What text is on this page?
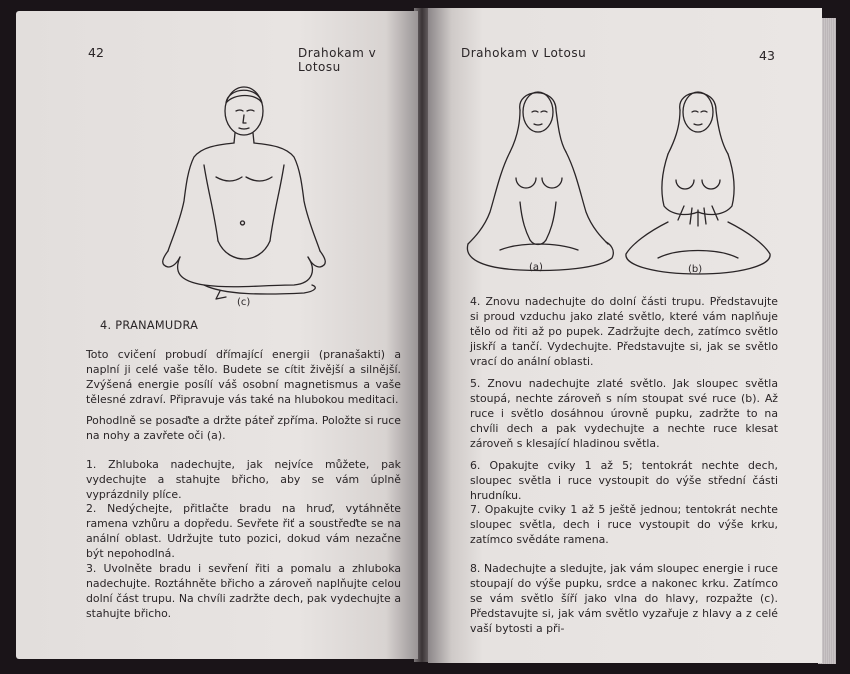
42	Drahokam v Lotosu
(c)

4. PRANAMUDRA

Toto cvičení probudí dřímající energii (pranašakti) a naplní ji celé vaše tělo. Budete se cítit živější a silnější. Zvýšená energie posílí váš osobní magnetismus a vaše tělesné zdraví. Připravuje vás také na hlubokou meditaci.

Pohodlně se posaďte a držte páteř zpříma. Položte si ruce na nohy a zavřete oči (a).

1. Zhluboka nadechujte, jak nejvíce můžete, pak vydechujte a stahujte břicho, aby se vám úplně vyprázdnily plíce.

2. Nedýchejte, přitlačte bradu na hruď, vytáhněte ramena vzhůru a dopředu. Sevřete řiť a soustřeďte se na anální oblast. Udržujte tuto pozici, dokud vám nezačne být nepohodlná.

3. Uvolněte bradu i sevření řiti a pomalu a zhluboka nadechujte. Roztáhněte břicho a zároveň naplňujte celou dolní část trupu. Na chvíli zadržte dech, pak vydechujte a stahujte břicho.

Drahokam v Lotosu	43
(a)	(b)

4. Znovu nadechujte do dolní části trupu. Představujte si proud vzduchu jako zlaté světlo, které vám naplňuje tělo od řiti až po pupek. Zadržujte dech, zatímco světlo jiskří a tančí. Vydechujte. Představujte si, jak se světlo vrací do anální oblasti.

5. Znovu nadechujte zlaté světlo. Jak sloupec světla stoupá, nechte zároveň s ním stoupat své ruce (b). Až ruce i světlo dosáhnou úrovně pupku, zadržte to na chvíli dech a pak vydechujte a nechte ruce klesat zároveň s klesající hladinou světla.

6. Opakujte cviky 1 až 5; tentokrát nechte dech, sloupec světla i ruce vystoupit do výše střední části hrudníku.

7. Opakujte cviky 1 až 5 ještě jednou; tentokrát nechte sloupec světla, dech i ruce vystoupit do výše krku, zatímco svědáte ramena.

8. Nadechujte a sledujte, jak vám sloupec energie i ruce stoupají do výše pupku, srdce a nakonec krku. Zatímco se vám světlo šíří jako vlna do hlavy, rozpažte (c). Představujte si, jak vám světlo vyzařuje z hlavy a z celé vaší bytosti a při-
